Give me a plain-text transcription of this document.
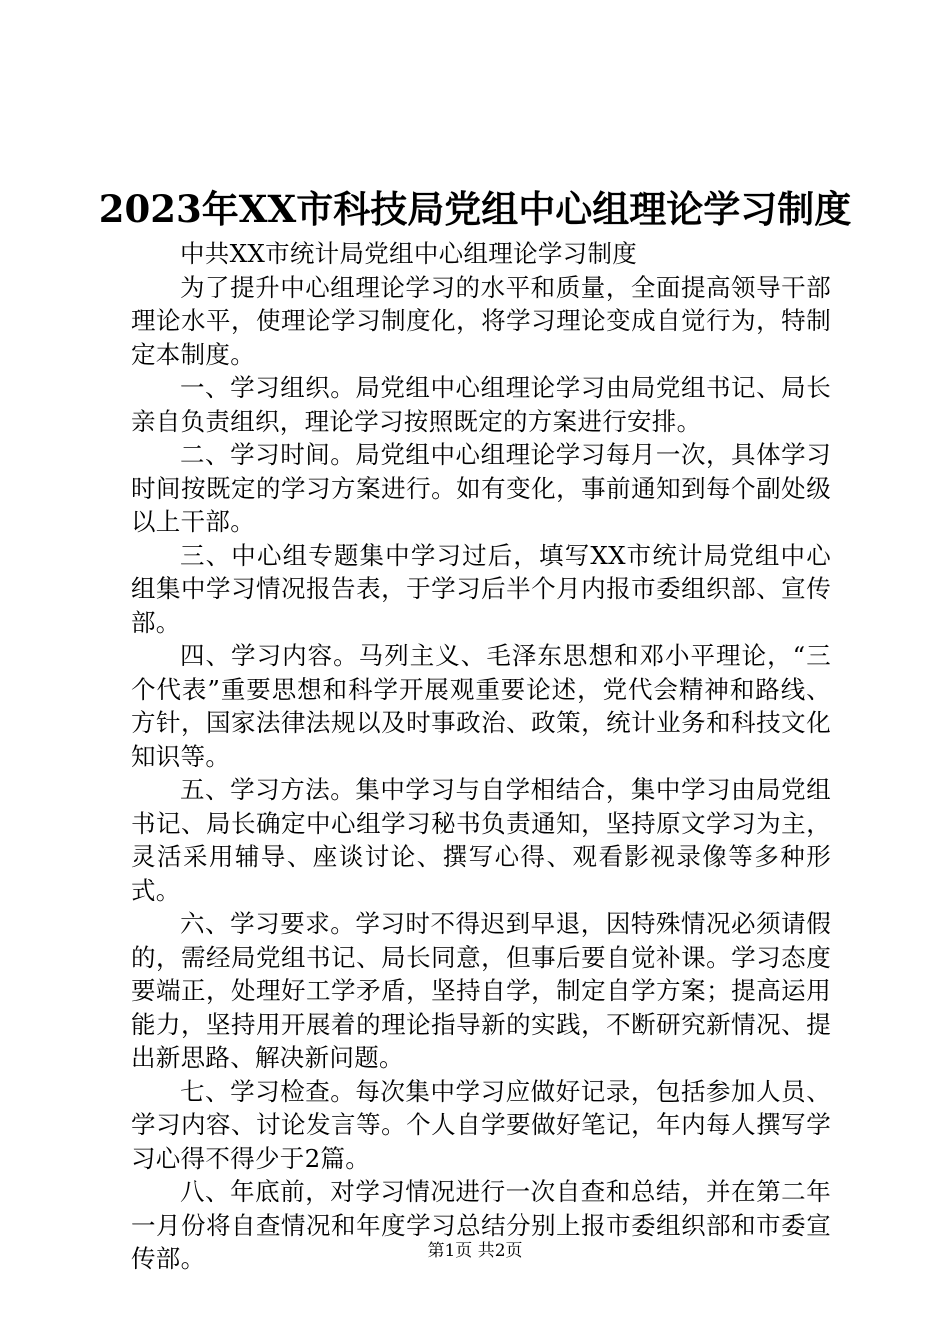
2023年XX市科技局党组中心组理论学习制度

中共XX市统计局党组中心组理论学习制度

为了提升中心组理论学习的水平和质量，全面提高领导干部理论水平，使理论学习制度化，将学习理论变成自觉行为，特制定本制度。

一、学习组织。局党组中心组理论学习由局党组书记、局长亲自负责组织，理论学习按照既定的方案进行安排。

二、学习时间。局党组中心组理论学习每月一次，具体学习时间按既定的学习方案进行。如有变化，事前通知到每个副处级以上干部。

三、中心组专题集中学习过后，填写XX市统计局党组中心组集中学习情况报告表，于学习后半个月内报市委组织部、宣传部。

四、学习内容。马列主义、毛泽东思想和邓小平理论，“三个代表”重要思想和科学开展观重要论述，党代会精神和路线、方针，国家法律法规以及时事政治、政策，统计业务和科技文化知识等。

五、学习方法。集中学习与自学相结合，集中学习由局党组书记、局长确定中心组学习秘书负责通知，坚持原文学习为主，灵活采用辅导、座谈讨论、撰写心得、观看影视录像等多种形式。

六、学习要求。学习时不得迟到早退，因特殊情况必须请假的，需经局党组书记、局长同意，但事后要自觉补课。学习态度要端正，处理好工学矛盾，坚持自学，制定自学方案；提高运用能力，坚持用开展着的理论指导新的实践，不断研究新情况、提出新思路、解决新问题。

七、学习检查。每次集中学习应做好记录，包括参加人员、学习内容、讨论发言等。个人自学要做好笔记，年内每人撰写学习心得不得少于2篇。

八、年底前，对学习情况进行一次自查和总结，并在第二年一月份将自查情况和年度学习总结分别上报市委组织部和市委宣传部。	第1页 共2页
